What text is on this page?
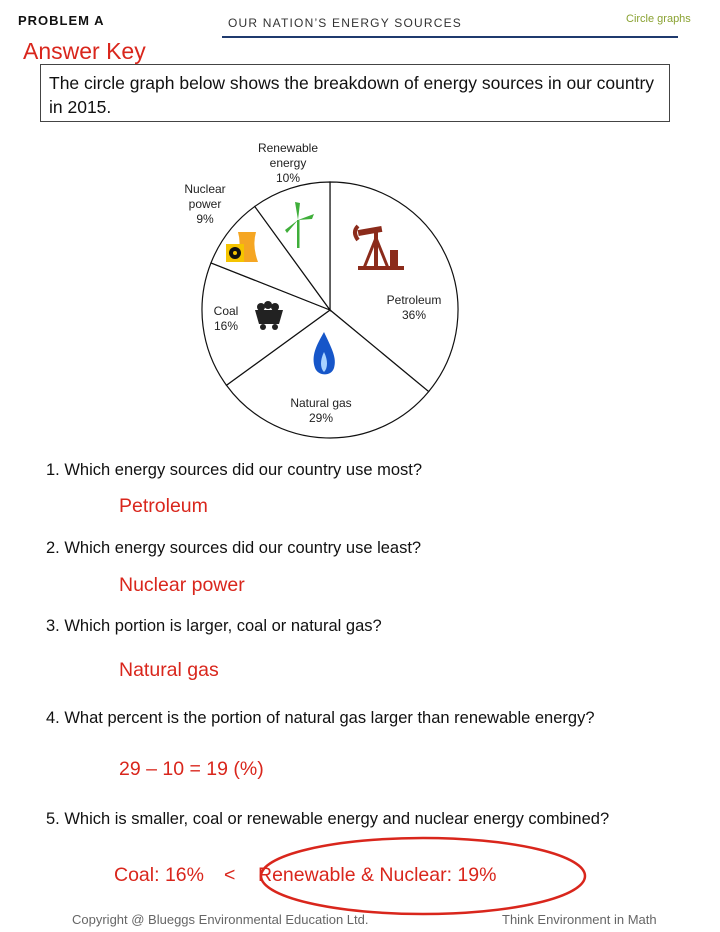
PROBLEM A	OUR NATION’S ENERGY SOURCES	Circle graphs
Answer Key
The circle graph below shows the breakdown of energy sources in our country in 2015.
Petroleum
36%
Natural gas
29%
Coal
16%
Nuclear
power
9%
Renewable
energy
10%
1. Which energy sources did our country use most?
Petroleum
2. Which energy sources did our country use least?
Nuclear power
3. Which portion is larger, coal or natural gas?
Natural gas
4. What percent is the portion of natural gas larger than renewable energy?
29 – 10 = 19 (%)
5. Which is smaller, coal or renewable energy and nuclear energy combined?
Coal: 16% < Renewable & Nuclear: 19%
Copyright @ Blueggs Environmental Education Ltd.	Think Environment in Math
